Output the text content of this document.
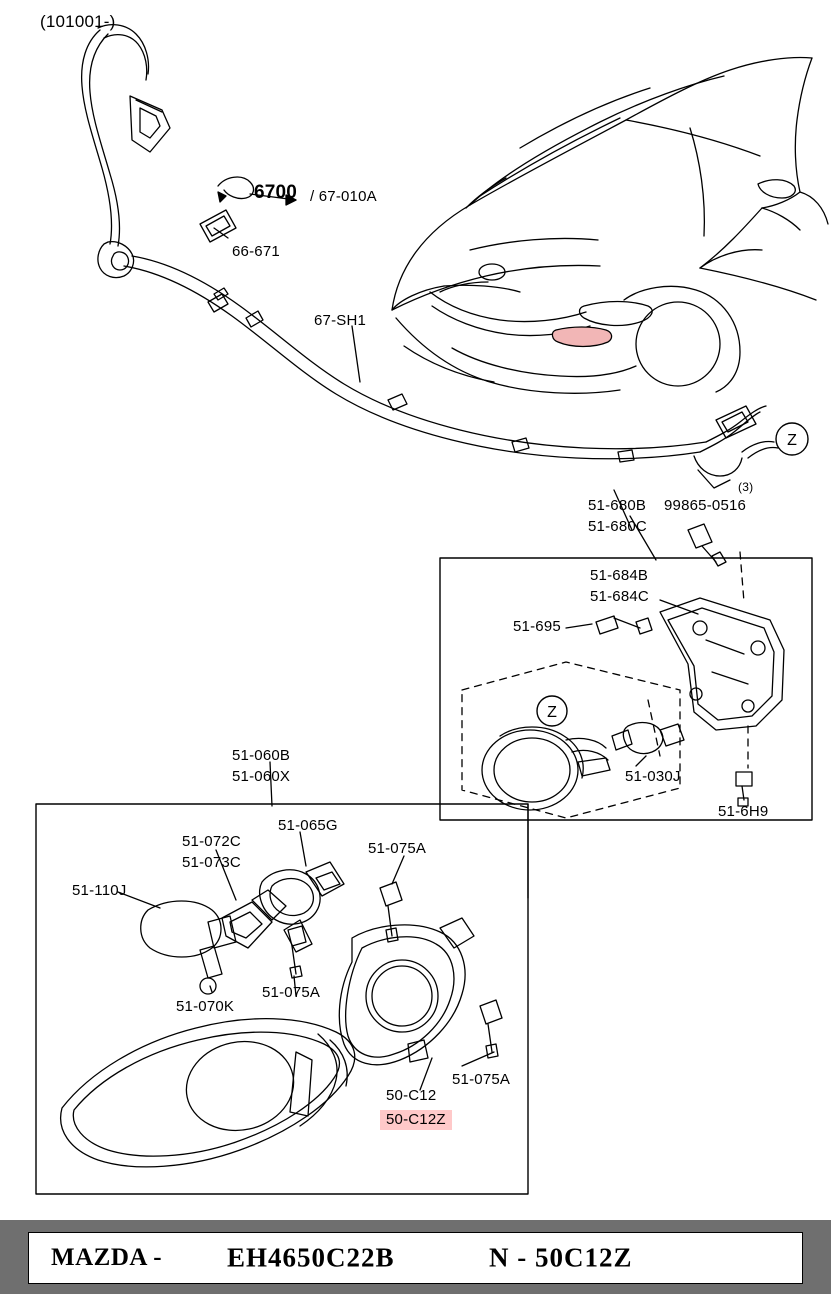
Z
Z
(101001-)
6700 / 67-010A
66-671
67-SH1
51-680B
51-680C
99865-0516
(3)
51-684B
51-684C
51-695
51-030J
51-6H9
51-060B
51-060X
51-065G
51-072C
51-073C
51-075A
51-110J
51-070K
51-075A
51-075A
50-C12
50-C12Z
MAZDA - EH4650C22B	N - 50C12Z
